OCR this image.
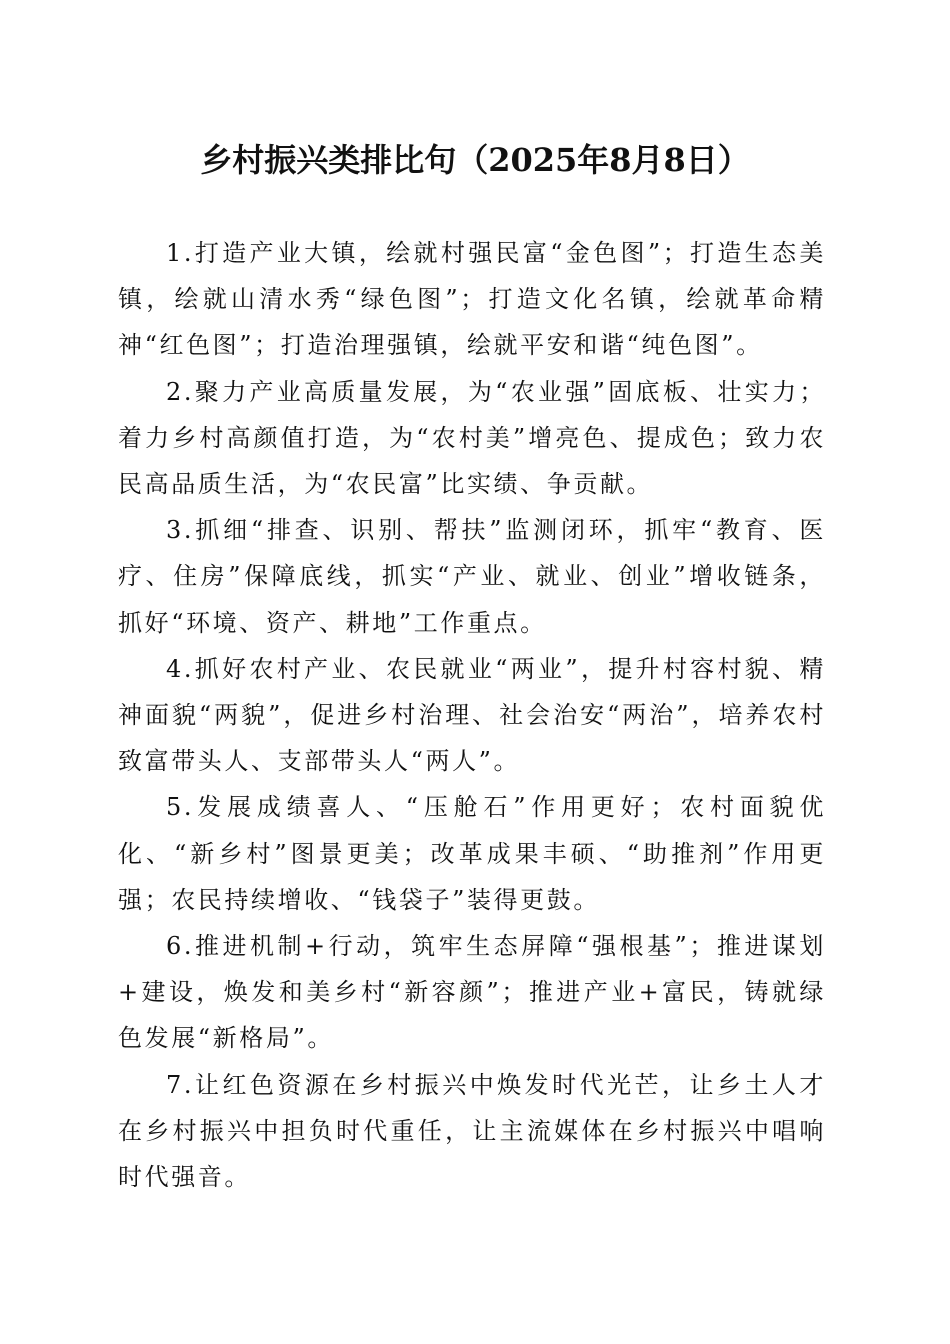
乡村振兴类排比句（2025年8月8日）

1.打造产业大镇，绘就村强民富“金色图”；打造生态美镇，绘就山清水秀“绿色图”；打造文化名镇，绘就革命精神“红色图”；打造治理强镇，绘就平安和谐“纯色图”。

2.聚力产业高质量发展，为“农业强”固底板、壮实力；着力乡村高颜值打造，为“农村美”增亮色、提成色；致力农民高品质生活，为“农民富”比实绩、争贡献。

3.抓细“排查、识别、帮扶”监测闭环，抓牢“教育、医疗、住房”保障底线，抓实“产业、就业、创业”增收链条，抓好“环境、资产、耕地”工作重点。

4.抓好农村产业、农民就业“两业”，提升村容村貌、精神面貌“两貌”，促进乡村治理、社会治安“两治”，培养农村致富带头人、支部带头人“两人”。

5.发展成绩喜人、“压舱石”作用更好；农村面貌优化、“新乡村”图景更美；改革成果丰硕、“助推剂”作用更强；农民持续增收、“钱袋子”装得更鼓。

6.推进机制+行动，筑牢生态屏障“强根基”；推进谋划+建设，焕发和美乡村“新容颜”；推进产业+富民，铸就绿色发展“新格局”。

7.让红色资源在乡村振兴中焕发时代光芒，让乡土人才在乡村振兴中担负时代重任，让主流媒体在乡村振兴中唱响时代强音。
